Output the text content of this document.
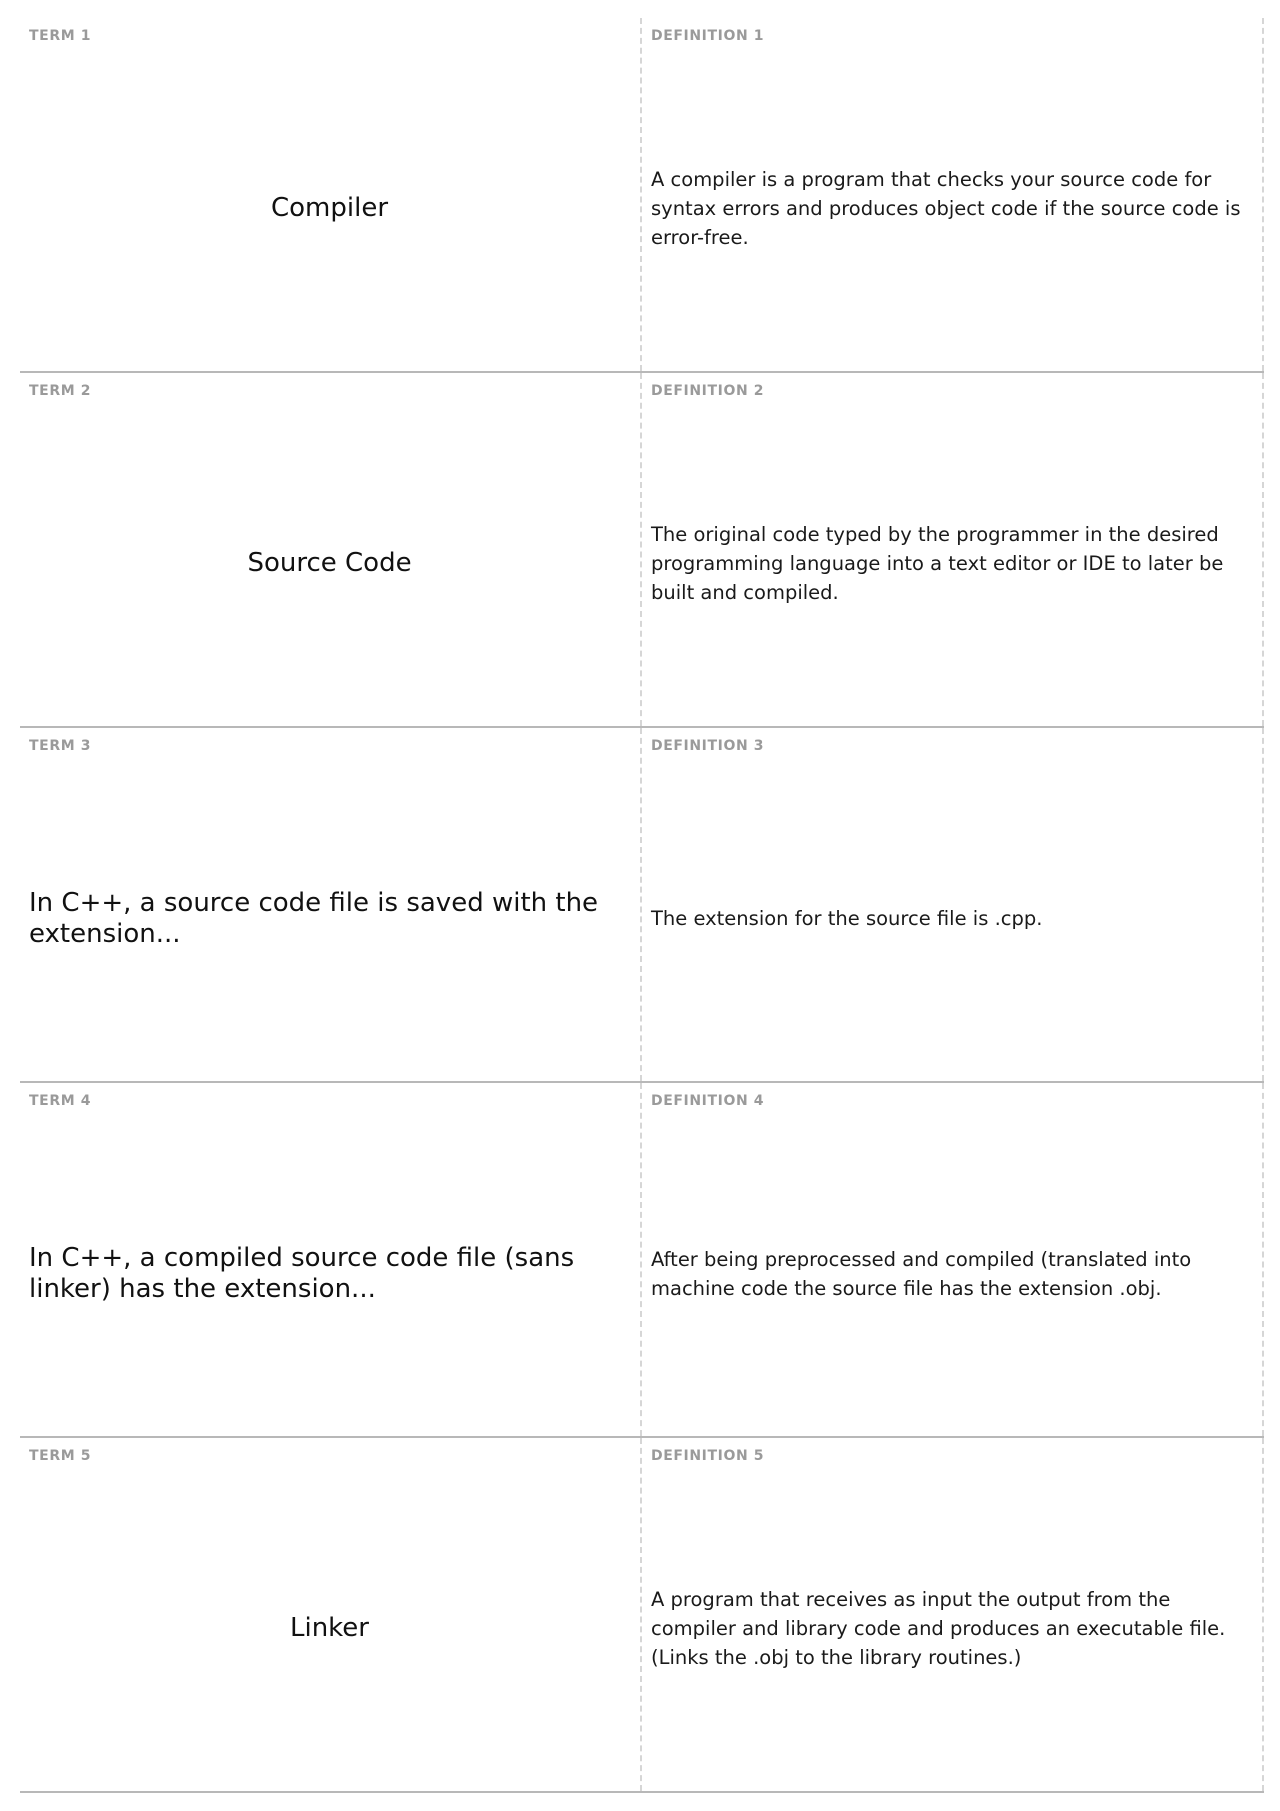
TERM 1
Compiler
DEFINITION 1
A compiler is a program that checks your source code for syntax errors and produces object code if the source code is error-free.
TERM 2
Source Code
DEFINITION 2
The original code typed by the programmer in the desired programming language into a text editor or IDE to later be built and compiled.
TERM 3
In C++, a source code file is saved with the extension...
DEFINITION 3
The extension for the source file is .cpp.
TERM 4
In C++, a compiled source code file (sans linker) has the extension...
DEFINITION 4
After being preprocessed and compiled (translated into machine code the source file has the extension .obj.
TERM 5
Linker
DEFINITION 5
A program that receives as input the output from the compiler and library code and produces an executable file. (Links the .obj to the library routines.)
